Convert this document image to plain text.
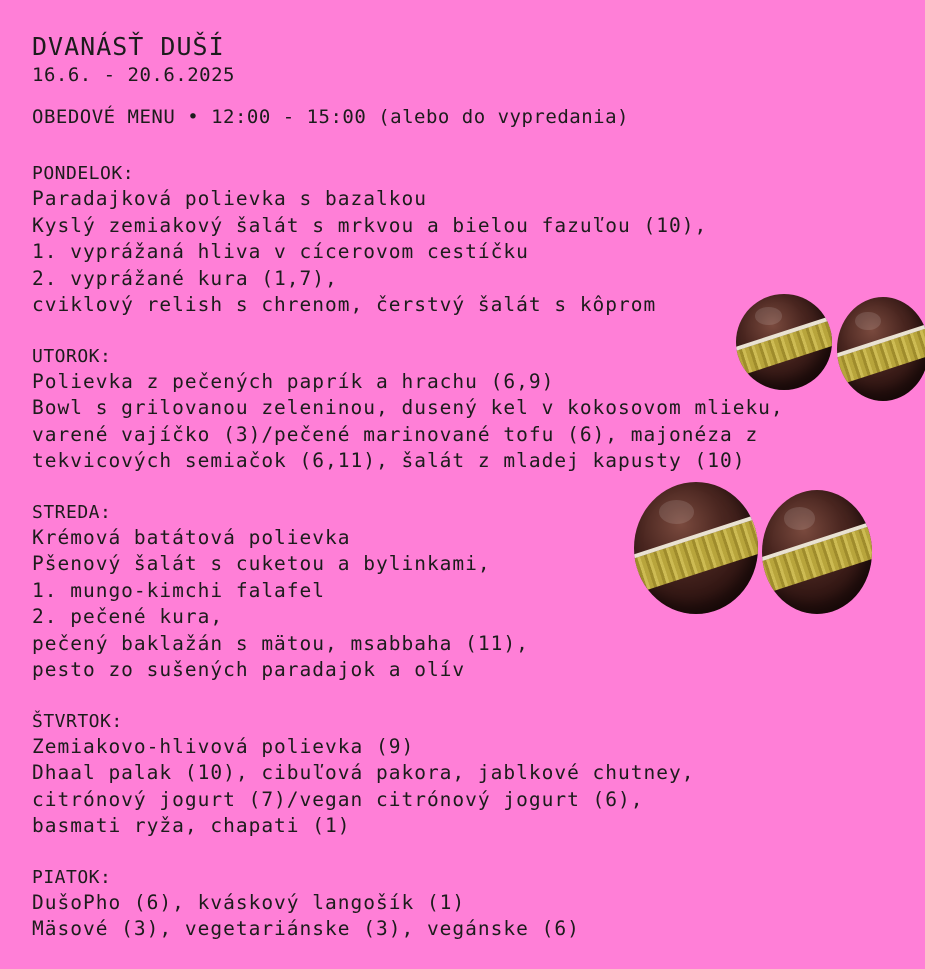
DVANÁSŤ DUŠÍ
16.6. - 20.6.2025
OBEDOVÉ MENU • 12:00 - 15:00 (alebo do vypredania)
PONDELOK:
Paradajková polievka s bazalkou
Kyslý zemiakový šalát s mrkvou a bielou fazuľou (10),
1. vyprážaná hliva v cícerovom cestíčku
2. vyprážané kura (1,7),
cviklový relish s chrenom, čerstvý šalát s kôprom
UTOROK:
Polievka z pečených paprík a hrachu (6,9)
Bowl s grilovanou zeleninou, dusený kel v kokosovom mlieku,
varené vajíčko (3)/pečené marinované tofu (6), majonéza z
tekvicových semiačok (6,11), šalát z mladej kapusty (10)
STREDA:
Krémová batátová polievka
Pšenový šalát s cuketou a bylinkami,
1. mungo-kimchi falafel
2. pečené kura,
pečený baklažán s mätou, msabbaha (11),
pesto zo sušených paradajok a olív
ŠTVRTOK:
Zemiakovo-hlivová polievka (9)
Dhaal palak (10), cibuľová pakora, jablkové chutney,
citrónový jogurt (7)/vegan citrónový jogurt (6),
basmati ryža, chapati (1)
PIATOK:
DušoPho (6), kváskový langošík (1)
Mäsové (3), vegetariánske (3), vegánske (6)
